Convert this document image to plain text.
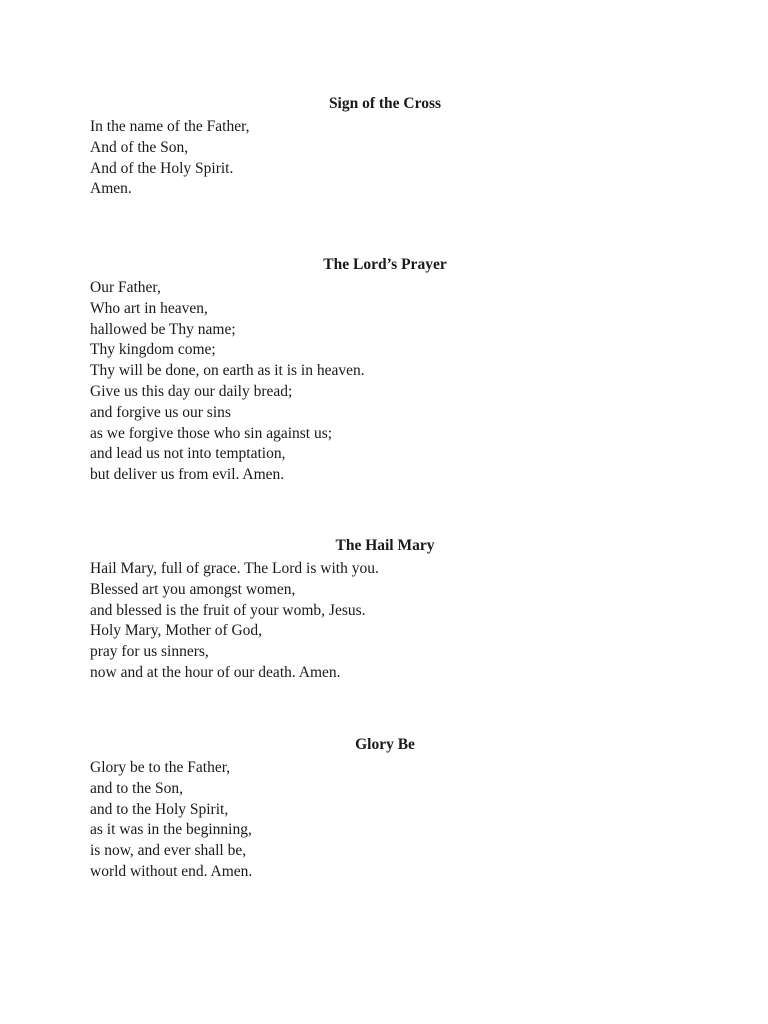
Sign of the Cross
In the name of the Father,
And of the Son,
And of the Holy Spirit.
Amen.
The Lord’s Prayer
Our Father,
Who art in heaven,
hallowed be Thy name;
Thy kingdom come;
Thy will be done, on earth as it is in heaven.
Give us this day our daily bread;
and forgive us our sins
as we forgive those who sin against us;
and lead us not into temptation,
but deliver us from evil. Amen.
The Hail Mary
Hail Mary, full of grace. The Lord is with you.
Blessed art you amongst women,
and blessed is the fruit of your womb, Jesus.
Holy Mary, Mother of God,
pray for us sinners,
now and at the hour of our death. Amen.
Glory Be
Glory be to the Father,
and to the Son,
and to the Holy Spirit,
as it was in the beginning,
is now, and ever shall be,
world without end. Amen.
